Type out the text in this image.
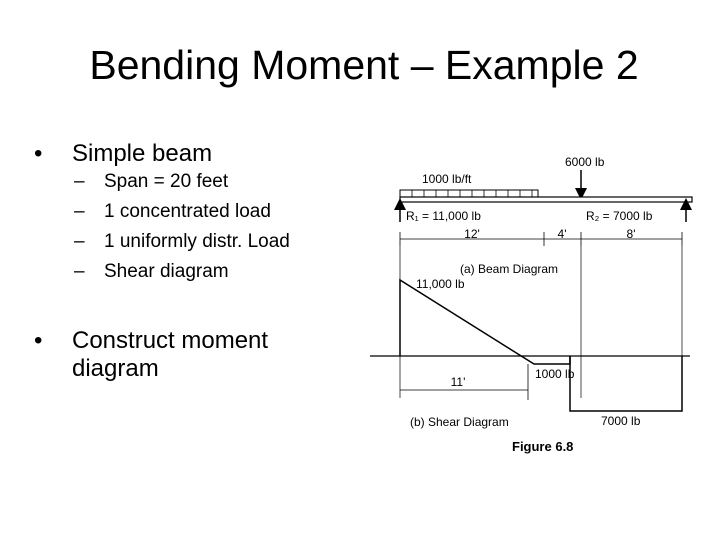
Bending Moment – Example 2
• Simple beam
– Span = 20 feet
– 1 concentrated load
– 1 uniformly distr. Load
– Shear diagram
• Construct moment diagram
6000 lb
1000 lb/ft
R₁ = 11,000 lb	R₂ = 7000 lb
12'	4'	8'
(a) Beam Diagram
11,000 lb
11'
1000 lb
7000 lb
(b) Shear Diagram
Figure 6.8
